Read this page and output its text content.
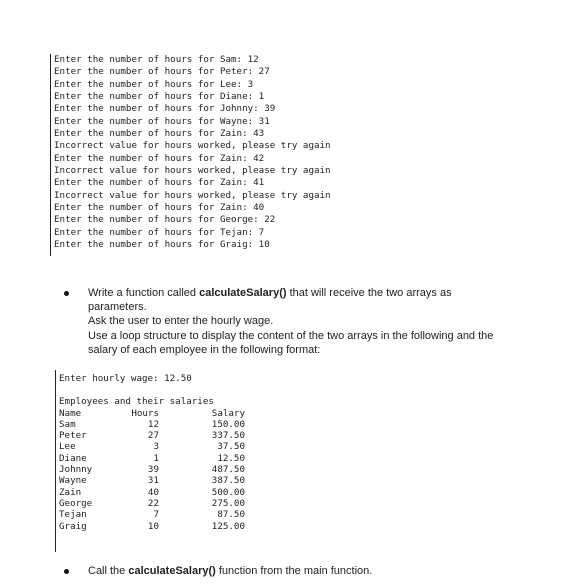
Enter the number of hours for Sam: 12
Enter the number of hours for Peter: 27
Enter the number of hours for Lee: 3
Enter the number of hours for Diane: 1
Enter the number of hours for Johnny: 39
Enter the number of hours for Wayne: 31
Enter the number of hours for Zain: 43
Incorrect value for hours worked, please try again
Enter the number of hours for Zain: 42
Incorrect value for hours worked, please try again
Enter the number of hours for Zain: 41
Incorrect value for hours worked, please try again
Enter the number of hours for Zain: 40
Enter the number of hours for George: 22
Enter the number of hours for Tejan: 7
Enter the number of hours for Graig: 10

Write a function called calculateSalary() that will receive the two arrays as

parameters.

Ask the user to enter the hourly wage.

Use a loop structure to display the content of the two arrays in the following and the

salary of each employee in the following format:

Enter hourly wage: 12.50
Employees and their salaries
Name	Hours	Salary
Sam	12	150.00
Peter	27	337.50
Lee	3	37.50
Diane	1	12.50
Johnny	39	487.50
Wayne	31	387.50
Zain	40	500.00
George	22	275.00
Tejan	7	87.50
Graig	10	125.00

Call the calculateSalary() function from the main function.
